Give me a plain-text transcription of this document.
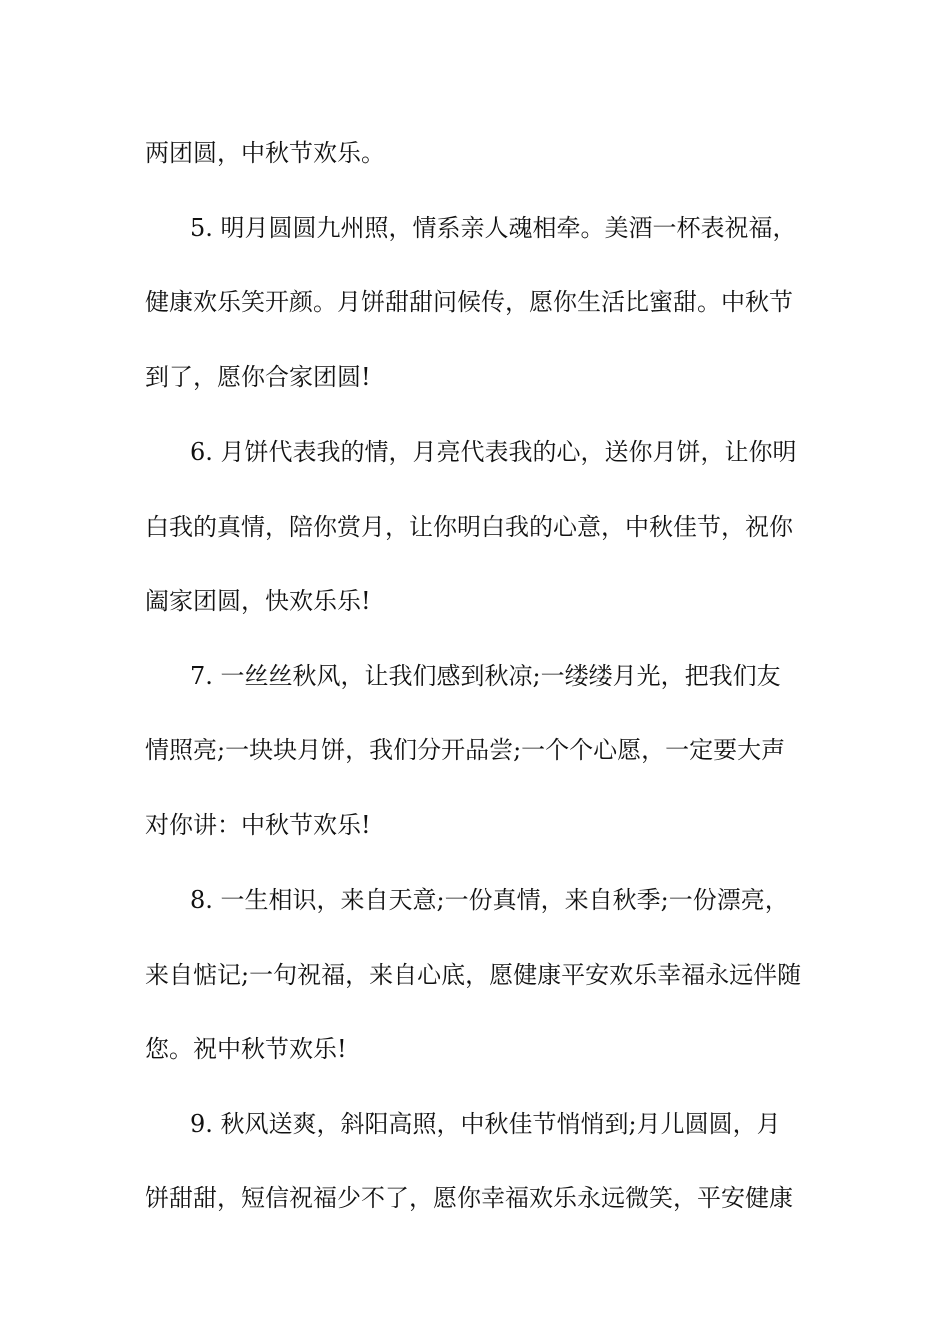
两团圆，中秋节欢乐。
5. 明月圆圆九州照，情系亲人魂相牵。美酒一杯表祝福，
健康欢乐笑开颜。月饼甜甜问候传，愿你生活比蜜甜。中秋节
到了，愿你合家团圆!
6. 月饼代表我的情，月亮代表我的心，送你月饼，让你明
白我的真情，陪你赏月，让你明白我的心意，中秋佳节，祝你
阖家团圆，快欢乐乐!
7. 一丝丝秋风，让我们感到秋凉;一缕缕月光，把我们友
情照亮;一块块月饼，我们分开品尝;一个个心愿，一定要大声
对你讲：中秋节欢乐!
8. 一生相识，来自天意;一份真情，来自秋季;一份漂亮，
来自惦记;一句祝福，来自心底，愿健康平安欢乐幸福永远伴随
您。祝中秋节欢乐!
9. 秋风送爽，斜阳高照，中秋佳节悄悄到;月儿圆圆，月
饼甜甜，短信祝福少不了，愿你幸福欢乐永远微笑，平安健康
